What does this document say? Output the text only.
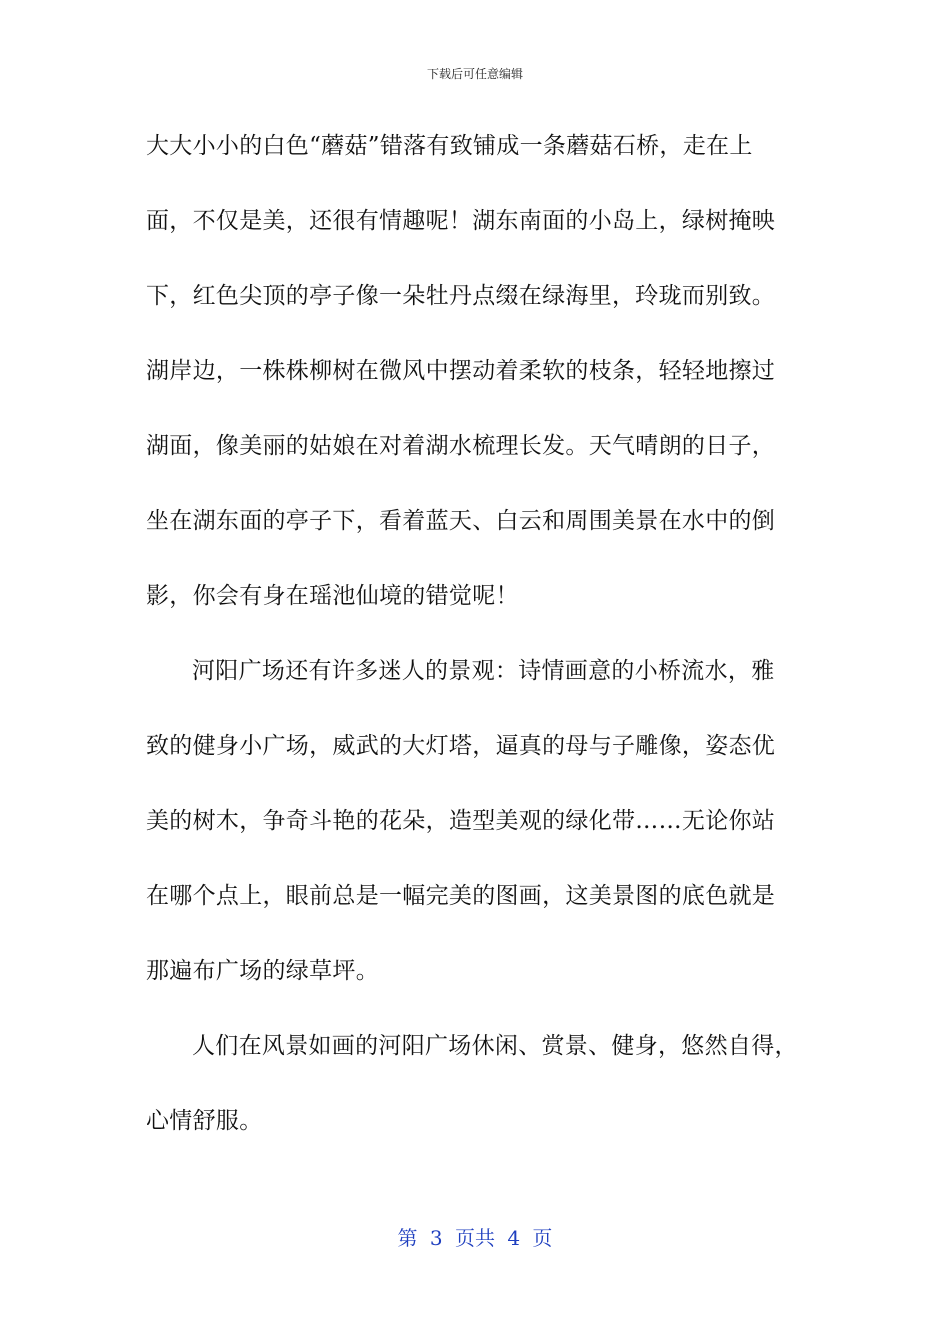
下载后可任意编辑
大大小小的白色“蘑菇”错落有致铺成一条蘑菇石桥，走在上
面，不仅是美，还很有情趣呢！湖东南面的小岛上，绿树掩映
下，红色尖顶的亭子像一朵牡丹点缀在绿海里，玲珑而别致。
湖岸边，一株株柳树在微风中摆动着柔软的枝条，轻轻地擦过
湖面，像美丽的姑娘在对着湖水梳理长发。天气晴朗的日子，
坐在湖东面的亭子下，看着蓝天、白云和周围美景在水中的倒
影，你会有身在瑶池仙境的错觉呢！
河阳广场还有许多迷人的景观：诗情画意的小桥流水，雅
致的健身小广场，威武的大灯塔，逼真的母与子雕像，姿态优
美的树木，争奇斗艳的花朵，造型美观的绿化带……无论你站
在哪个点上，眼前总是一幅完美的图画，这美景图的底色就是
那遍布广场的绿草坪。
人们在风景如画的河阳广场休闲、赏景、健身，悠然自得，
心情舒服。
第 3 页共 4 页
